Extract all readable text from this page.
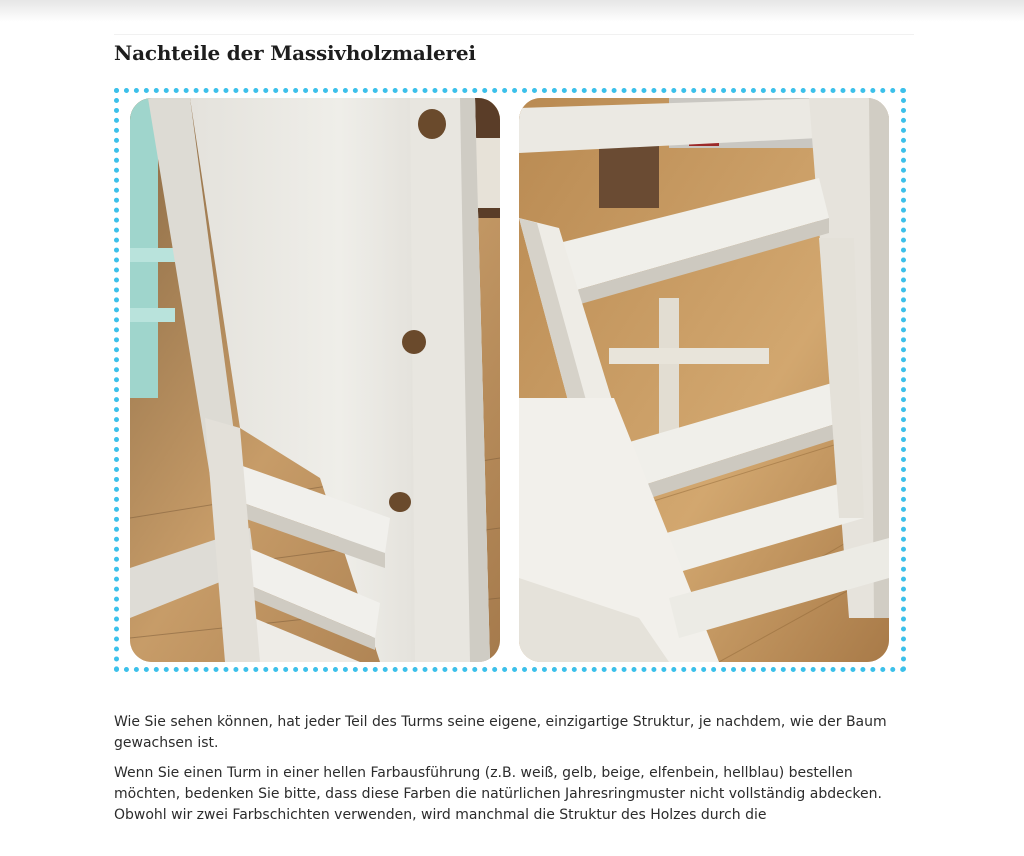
Nachteile der Massivholzmalerei

Wie Sie sehen können, hat jeder Teil des Turms seine eigene, einzigartige Struktur, je nachdem, wie der Baum gewachsen ist.

Wenn Sie einen Turm in einer hellen Farbausführung (z.B. weiß, gelb, beige, elfenbein, hellblau) bestellen möchten, bedenken Sie bitte, dass diese Farben die natürlichen Jahresringmuster nicht vollständig abdecken. Obwohl wir zwei Farbschichten verwenden, wird manchmal die Struktur des Holzes durch die
